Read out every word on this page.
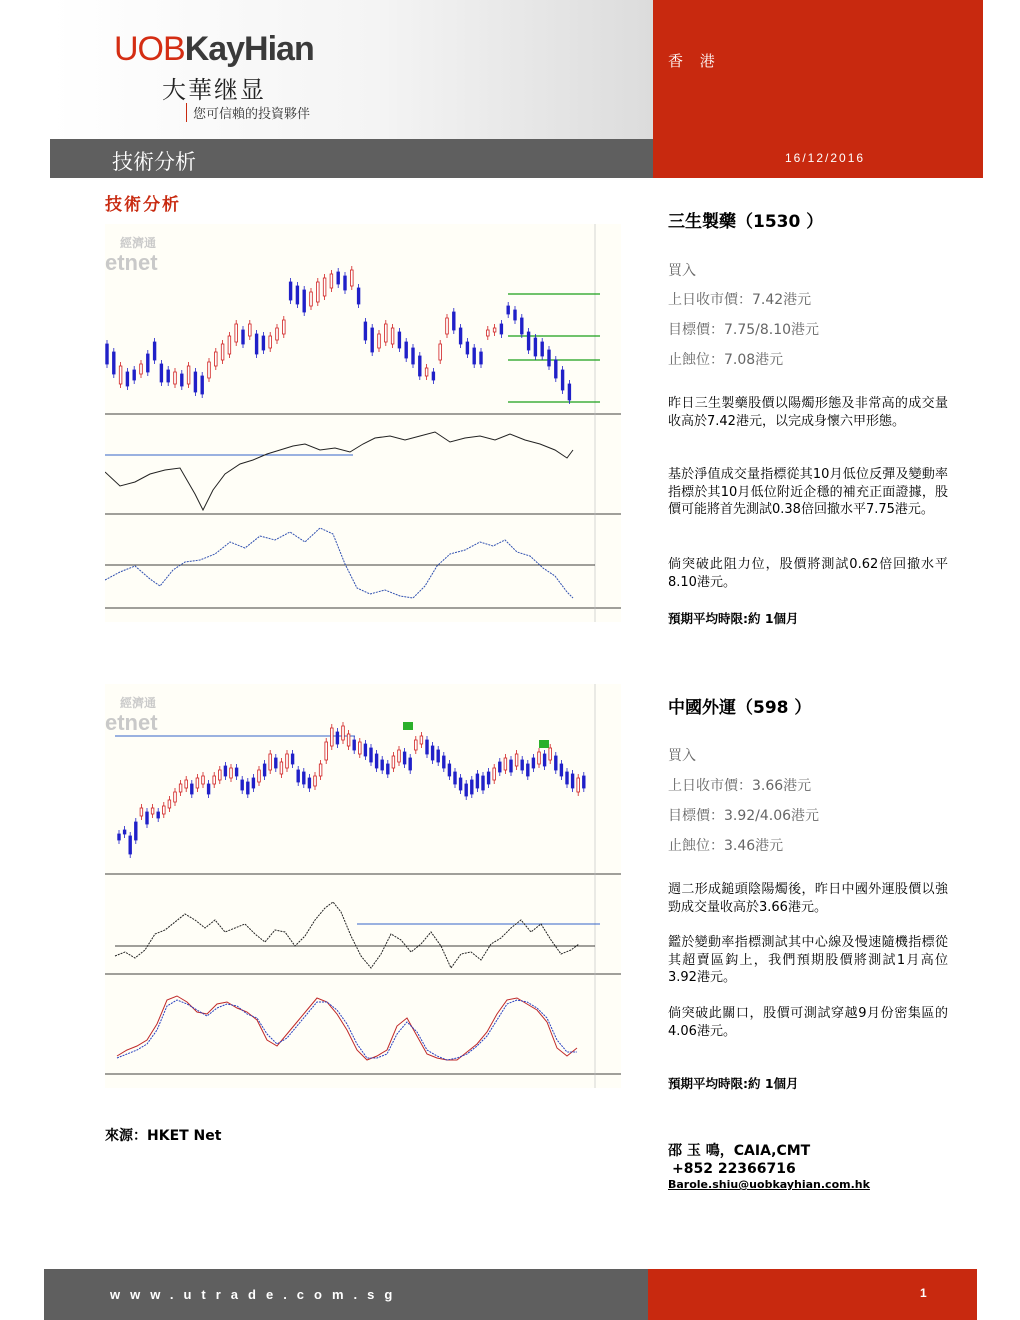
UOBKayHian
大華继显
您可信賴的投資夥伴
技術分析
香 港
16/12/2016
技術分析
經濟通
etnet
經濟通
etnet
三生製藥（1530 ）
買入
上日收市價：7.42港元
目標價：7.75/8.10港元
止蝕位：7.08港元
昨日三生製藥股價以陽燭形態及非常高的成交量收高於7.42港元，以完成身懷六甲形態。
基於淨值成交量指標從其10月低位反彈及變動率指標於其10月低位附近企穩的補充正面證據，股價可能將首先測試0.38倍回撤水平7.75港元。
倘突破此阻力位，股價將測試0.62倍回撤水平8.10港元。
預期平均時限:約 1個月
中國外運（598 ）
買入
上日收市價：3.66港元
目標價：3.92/4.06港元
止蝕位：3.46港元
週二形成鎚頭陰陽燭後，昨日中國外運股價以強勁成交量收高於3.66港元。
鑑於變動率指標測試其中心線及慢速隨機指標從其超賣區鈎上，我們預期股價將測試1月高位3.92港元。
倘突破此關口，股價可測試穿越9月份密集區的4.06港元。
預期平均時限:約 1個月
來源：HKET Net
邵 玉 鳴，CAIA,CMT
+852 22366716
Barole.shiu@uobkayhian.com.hk
www.utrade.com.sg	1
